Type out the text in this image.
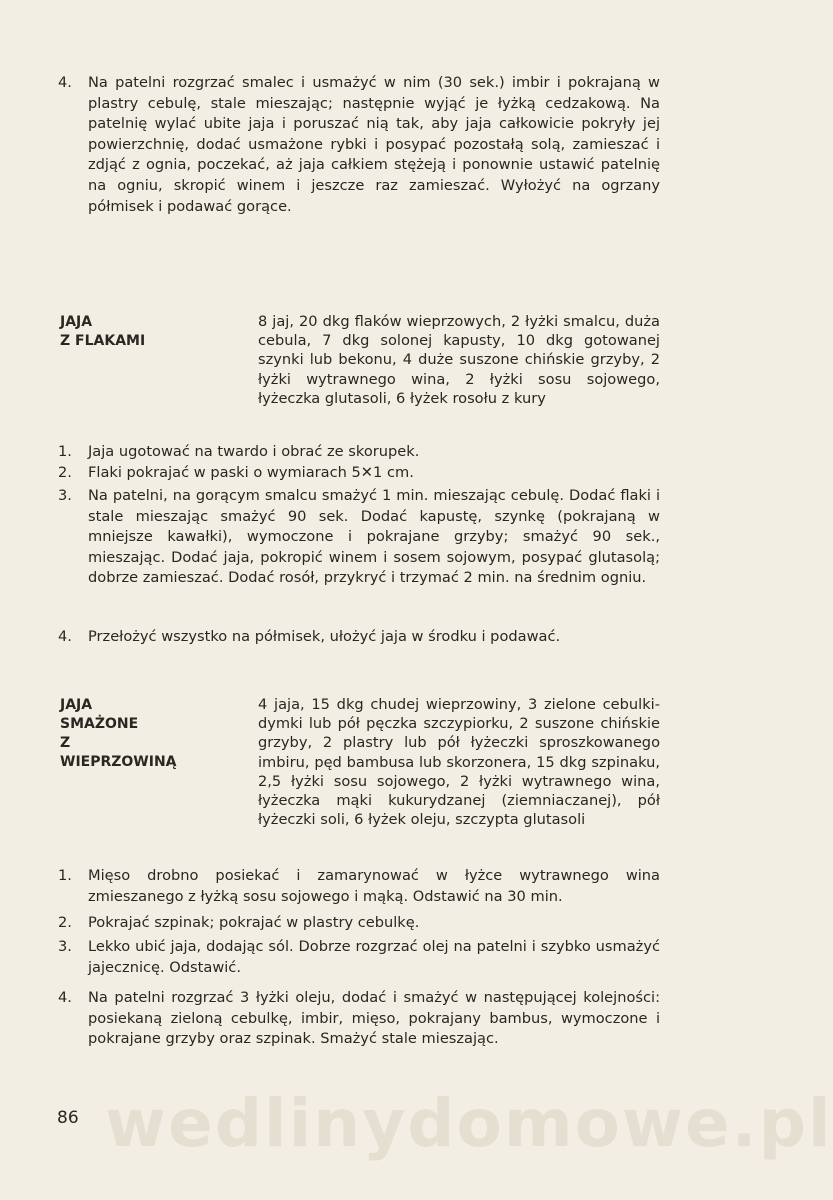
wedlinydomowe.pl
4.	Na patelni rozgrzać smalec i usmażyć w nim (30 sek.) imbir i pokrajaną w plastry cebulę, stale mieszając; następnie wyjąć je łyżką cedzakową. Na patelnię wylać ubite jaja i poruszać nią tak, aby jaja całkowicie pokryły jej powierzchnię, dodać usmażone rybki i posypać pozostałą solą, zamieszać i zdjąć z ognia, poczekać, aż jaja całkiem stężeją i ponownie ustawić patelnię na ogniu, skropić winem i jeszcze raz zamieszać. Wyłożyć na ogrzany półmisek i podawać gorące.
JAJA
Z FLAKAMI
8 jaj, 20 dkg flaków wieprzowych, 2 łyżki smalcu, duża cebula, 7 dkg solonej kapusty, 10 dkg gotowanej szynki lub bekonu, 4 duże suszone chińskie grzyby, 2 łyżki wytrawnego wina, 2 łyżki sosu sojowego, łyżeczka glutasoli, 6 łyżek rosołu z kury
1.	Jaja ugotować na twardo i obrać ze skorupek.
2.	Flaki pokrajać w paski o wymiarach 5✕1 cm.
3.	Na patelni, na gorącym smalcu smażyć 1 min. mieszając cebulę. Dodać flaki i stale mieszając smażyć 90 sek. Dodać kapustę, szynkę (pokrajaną w mniejsze kawałki), wymoczone i pokrajane grzyby; smażyć 90 sek., mieszając. Dodać jaja, pokropić winem i sosem sojowym, posypać glutasolą; dobrze zamieszać. Dodać rosół, przykryć i trzymać 2 min. na średnim ogniu.
4.	Przełożyć wszystko na półmisek, ułożyć jaja w środku i podawać.
JAJA
SMAŻONE
Z
WIEPRZOWINĄ
4 jaja, 15 dkg chudej wieprzowiny, 3 zielone cebulki-dymki lub pół pęczka szczypiorku, 2 suszone chińskie grzyby, 2 plastry lub pół łyżeczki sproszkowanego imbiru, pęd bambusa lub skorzonera, 15 dkg szpinaku, 2,5 łyżki sosu sojowego, 2 łyżki wytrawnego wina, łyżeczka mąki kukurydzanej (ziemniaczanej), pół łyżeczki soli, 6 łyżek oleju, szczypta glutasoli
1.	Mięso drobno posiekać i zamarynować w łyżce wytrawnego wina zmieszanego z łyżką sosu sojowego i mąką. Odstawić na 30 min.
2.	Pokrajać szpinak; pokrajać w plastry cebulkę.
3.	Lekko ubić jaja, dodając sól. Dobrze rozgrzać olej na patelni i szybko usmażyć jajecznicę. Odstawić.
4.	Na patelni rozgrzać 3 łyżki oleju, dodać i smażyć w następującej kolejności: posiekaną zieloną cebulkę, imbir, mięso, pokrajany bambus, wymoczone i pokrajane grzyby oraz szpinak. Smażyć stale mieszając.
86
